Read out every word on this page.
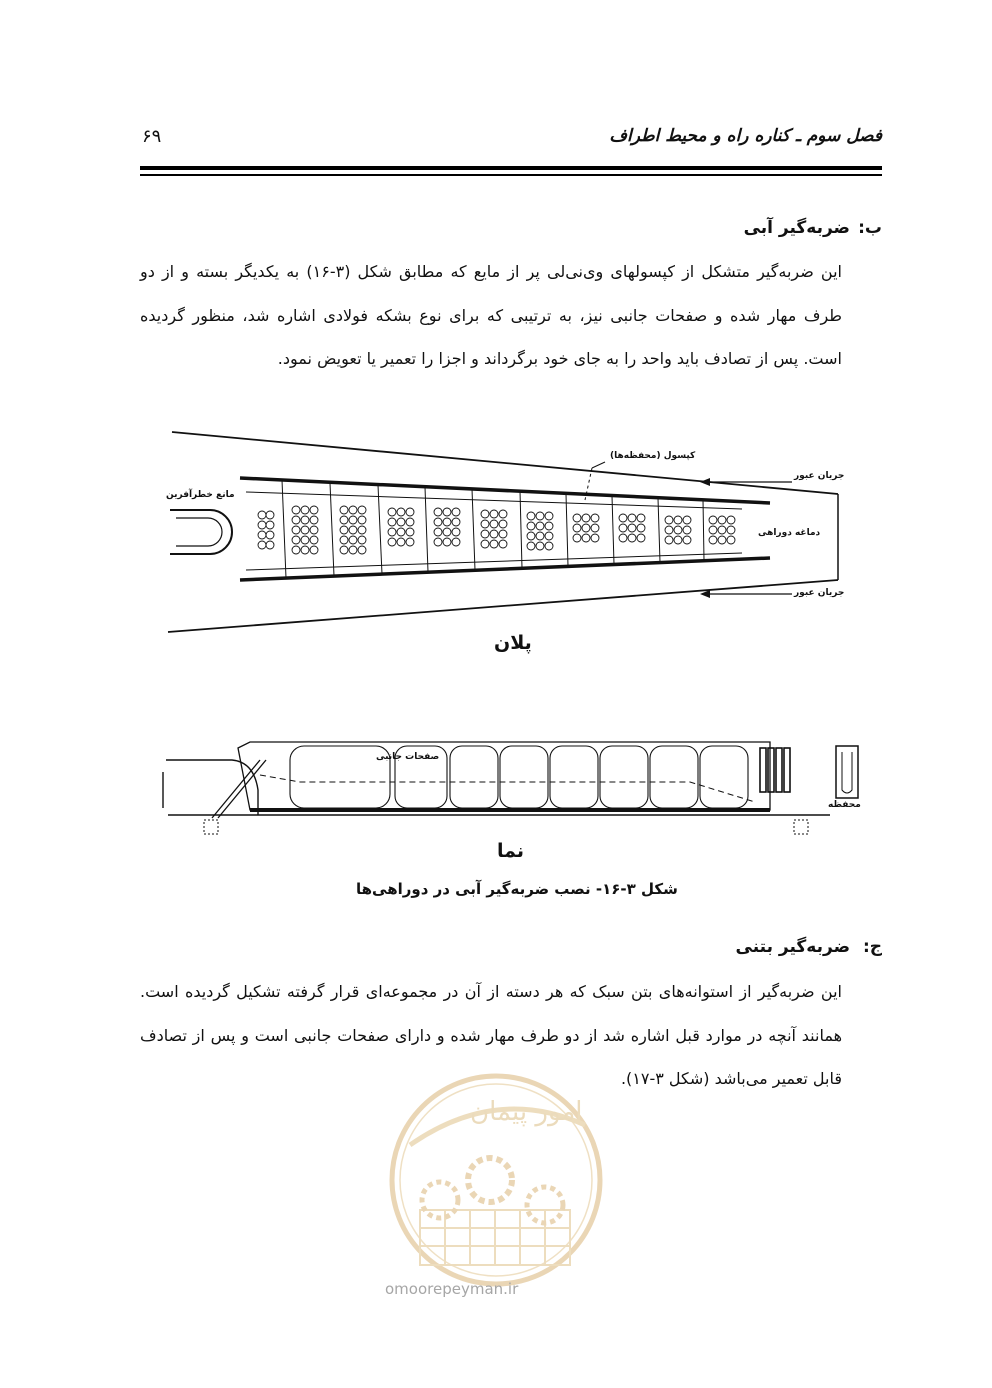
فصل سوم ـ کناره راه و محیط اطراف
۶۹
ب:ضربه‌گیر آبی
این ضربه‌گیر متشکل از کپسولهای وی‌نی‌لی پر از مایع که مطابق شکل (۳-۱۶) به یکدیگر بسته و از دو طرف مهار شده و صفحات جانبی نیز، به ترتیبی که برای نوع بشکه فولادی اشاره شد، منظور گردیده است. پس از تصادف باید واحد را به جای خود برگرداند و اجزا را تعمیر یا تعویض نمود.
امور پیمان
کپسول (محفظه‌ها)
جریان عبور
دماغه دوراهی
جریان عبور
مانع خطرآفرین
پلان
صفحات جانبی
محفظه
نما
شکل ۳-۱۶- نصب ضربه‌گیر آبی در دوراهی‌ها
ج:ضربه‌گیر بتنی
این ضربه‌گیر از استوانه‌های بتن سبک که هر دسته از آن در مجموعه‌ای قرار گرفته تشکیل گردیده است. همانند آنچه در موارد قبل اشاره شد از دو طرف مهار شده و دارای صفحات جانبی است و پس از تصادف قابل تعمیر می‌باشد (شکل ۳-۱۷).
omoorepeyman.ir
